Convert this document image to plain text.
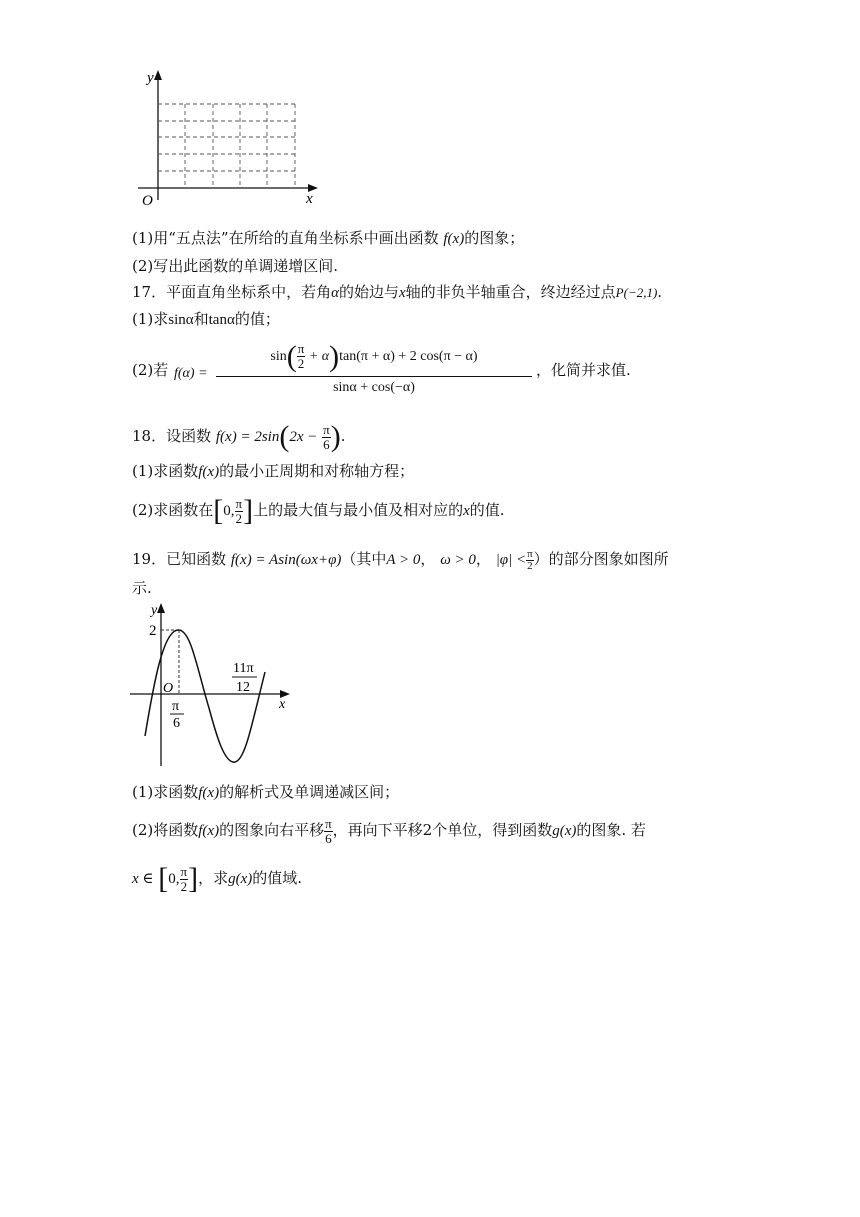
y
x
O
(1)用“五点法”在所给的直角坐标系中画出函数 f(x)的图象；
(2)写出此函数的单调递增区间.
17．平面直角坐标系中，若角α的始边与x轴的非负半轴重合，终边经过点P(−2,1).
(1)求sinα和tanα的值；
(2)若 f(α) =
$\sin( \frac{\pi}{2} + \alpha)\tan(\pi + \alpha) + 2$ cos(π − α)
sinα + cos(−α)
，化简并求值.
18．设函数 $f(x) = 2\sin(2x - \frac{\pi}{6}$ ).
(1)求函数f(x)的最小正周期和对称轴方程；
(2)求函数在[0, $\frac{\pi}{2}$ ]上的最大值与最小值及相对应的x的值.
19．已知函数 f(x) = Asin(ωx+φ)（其中A > 0， ω > 0， $|\varphi| < \frac{\pi}{2}$ ）的部分图象如图所
示.
y
x
O
2
π
6
11π
12
(1)求函数f(x)的解析式及单调递减区间；
(2)将函数f(x)的图象向右平移 $\frac{\pi}{6}$ ，再向下平移2个单位，得到函数g(x)的图象. 若
x ∈ [0, $\frac{\pi}{2}$ ]，求g(x)的值域.
